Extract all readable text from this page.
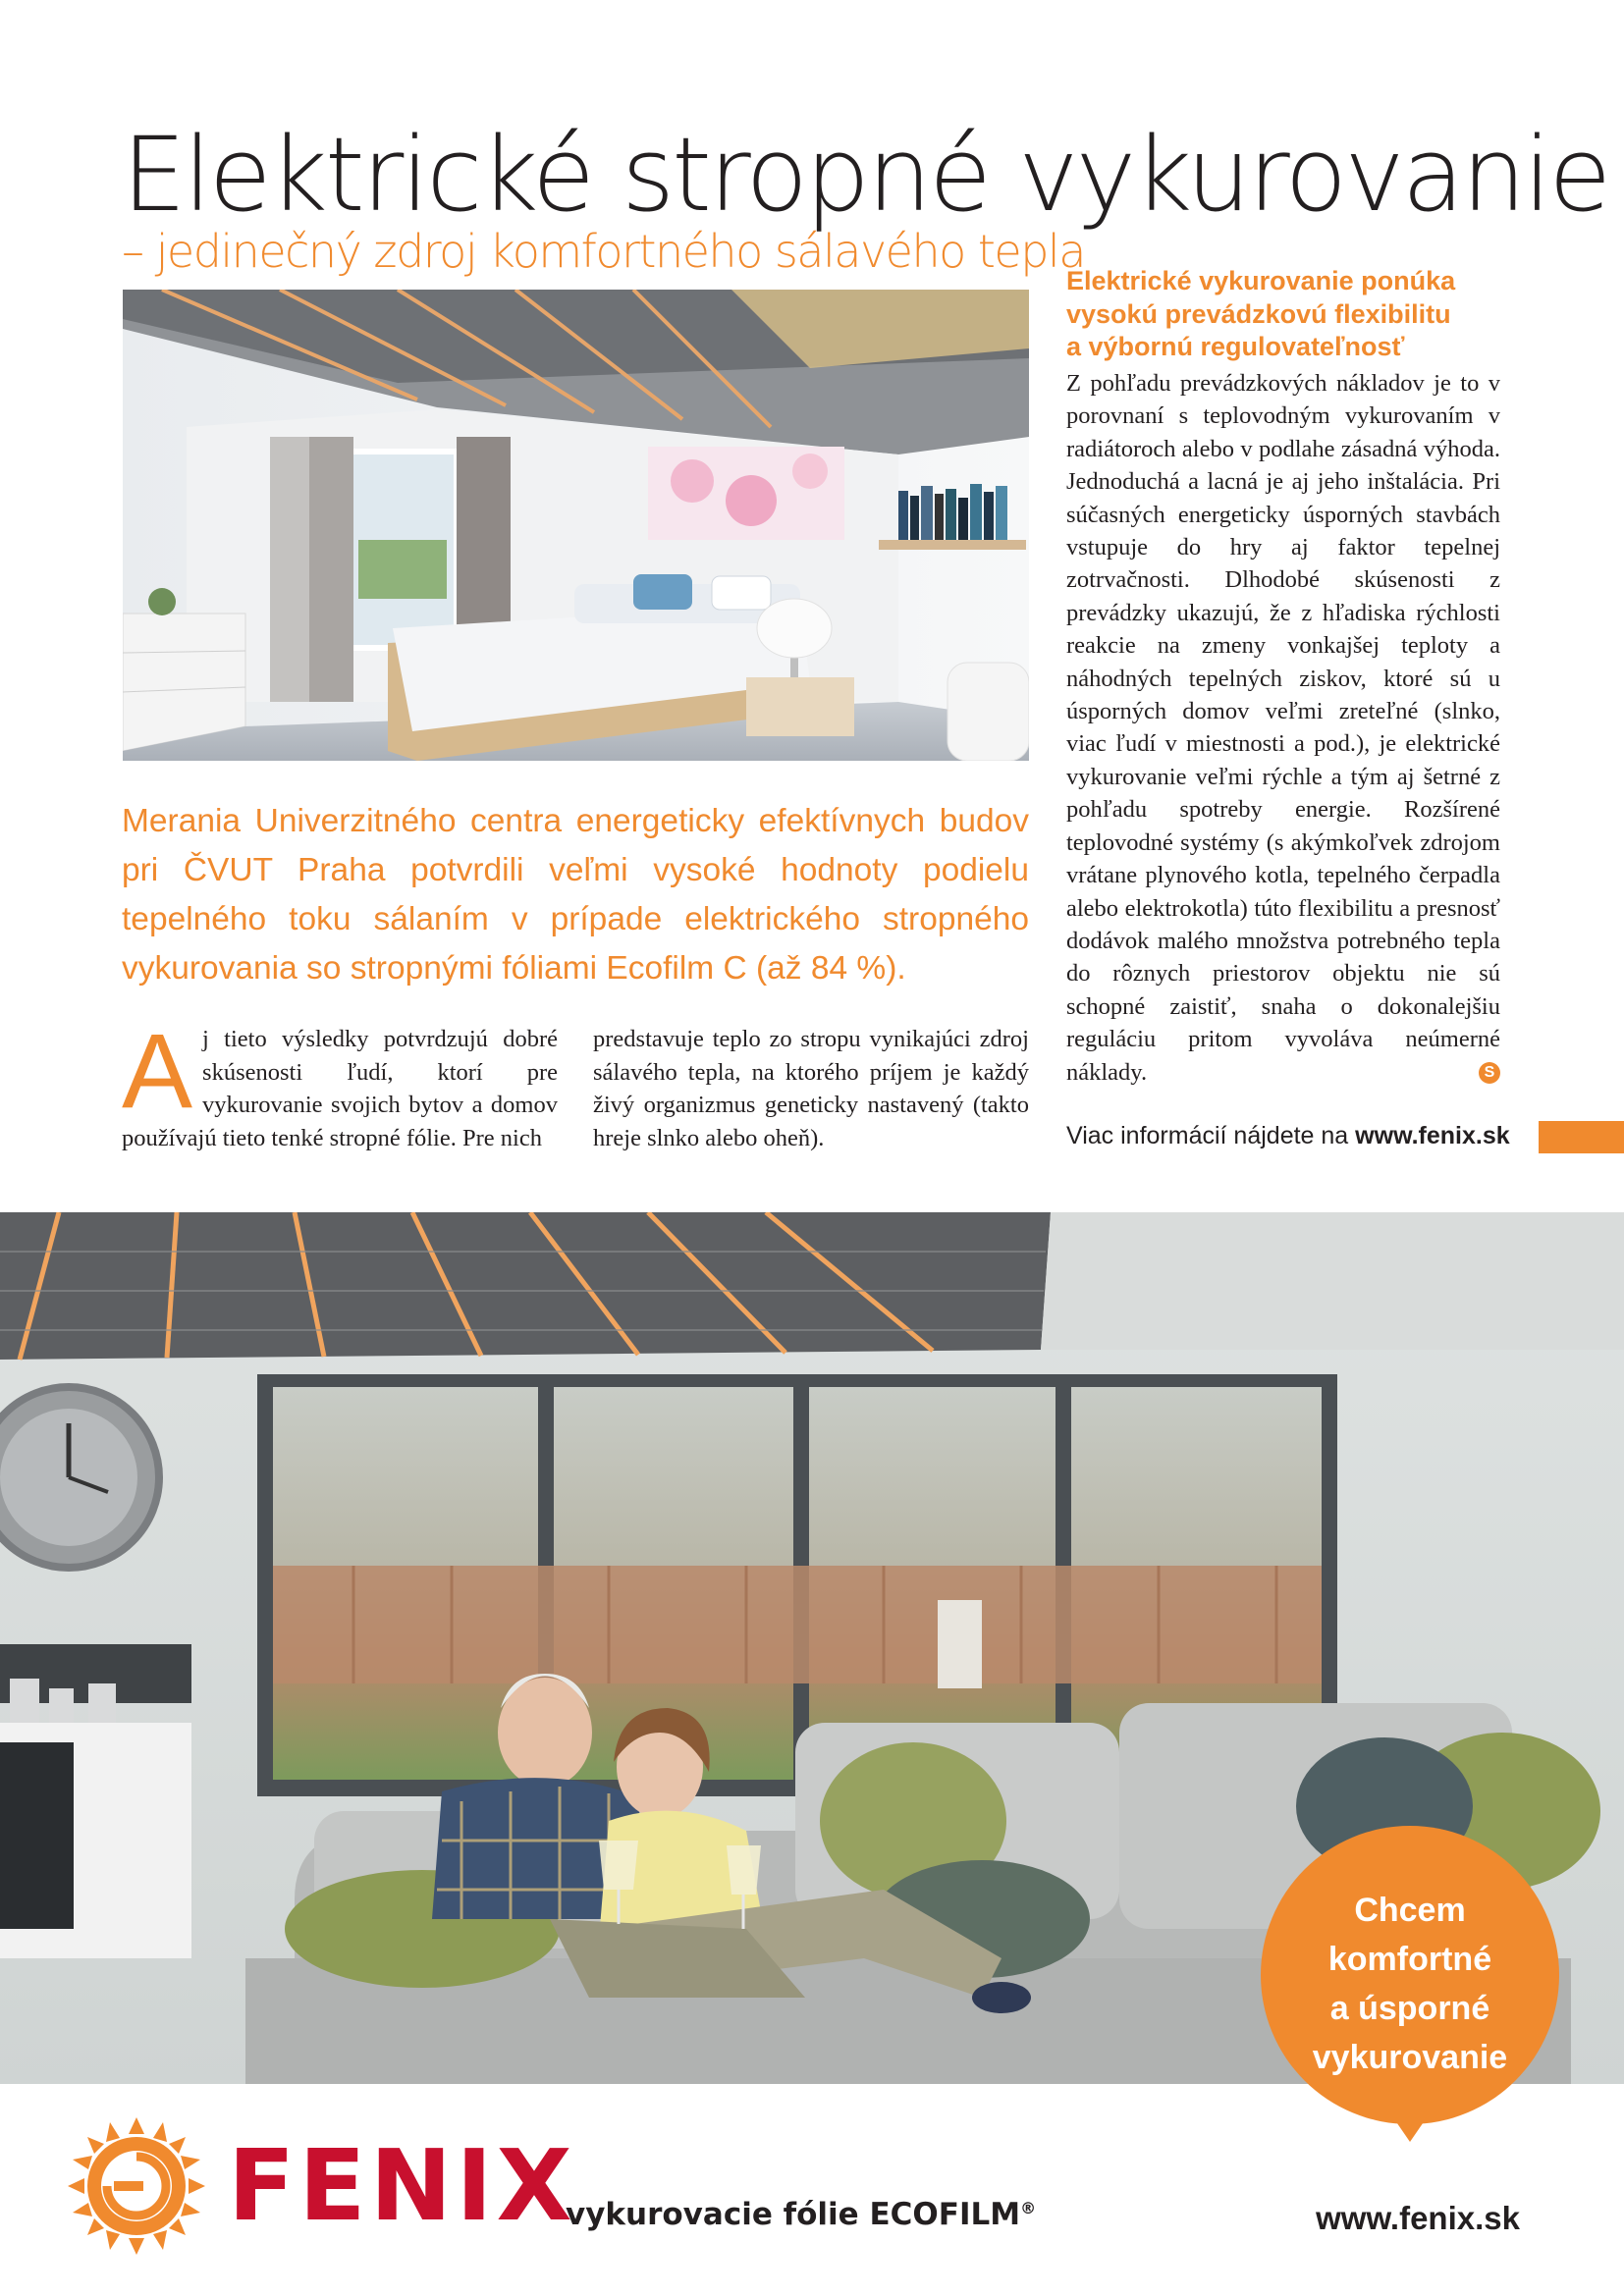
Elektrické stropné vykurovanie
– jedinečný zdroj komfortného sálavého tepla

Merania Univerzitného centra energeticky efektívnych budov pri ČVUT Praha potvrdili veľmi vysoké hodnoty podielu tepelného toku sálaním v prípade elektrického stropného vykurovania so stropnými fóliami Ecofilm C (až 84 %).

Aj tieto výsledky potvrdzujú dobré skúsenosti ľudí, ktorí pre vykurovanie svojich bytov a domov používajú tieto tenké stropné fólie. Pre nich
predstavuje teplo zo stropu vynikajúci zdroj sálavého tepla, na ktorého príjem je každý živý organizmus geneticky nastavený (takto hreje slnko alebo oheň).
Elektrické vykurovanie ponúka vysokú prevádzkovú flexibilitu a výbornú regulovateľnosť
Z pohľadu prevádzkových nákladov je to v porovnaní s teplovodným vykurovaním v radiátoroch alebo v podlahe zásadná výhoda. Jednoduchá a lacná je aj jeho inštalácia. Pri súčasných energeticky úsporných stavbách vstupuje do hry aj faktor tepelnej zotrvačnosti. Dlhodobé skúsenosti z prevádzky ukazujú, že z hľadiska rýchlosti reakcie na zmeny vonkajšej teploty a náhodných tepelných ziskov, ktoré sú u úsporných domov veľmi zreteľné (slnko, viac ľudí v miestnosti a pod.), je elektrické vykurovanie veľmi rýchle a tým aj šetrné z pohľadu spotreby energie. Rozšírené teplovodné systémy (s akýmkoľvek zdrojom vrátane plynového kotla, tepelného čerpadla alebo elektrokotla) túto flexibilitu a presnosť dodávok malého množstva potrebného tepla do rôznych priestorov objektu nie sú schopné zaistiť, snaha o dokonalejšiu reguláciu pritom vyvoláva neúmerné náklady.	S
Viac informácií nájdete na www.fenix.sk
Chcem
komfortné
a úsporné
vykurovanie
FENIX
vykurovacie fólie ECOFILM®	www.fenix.sk
